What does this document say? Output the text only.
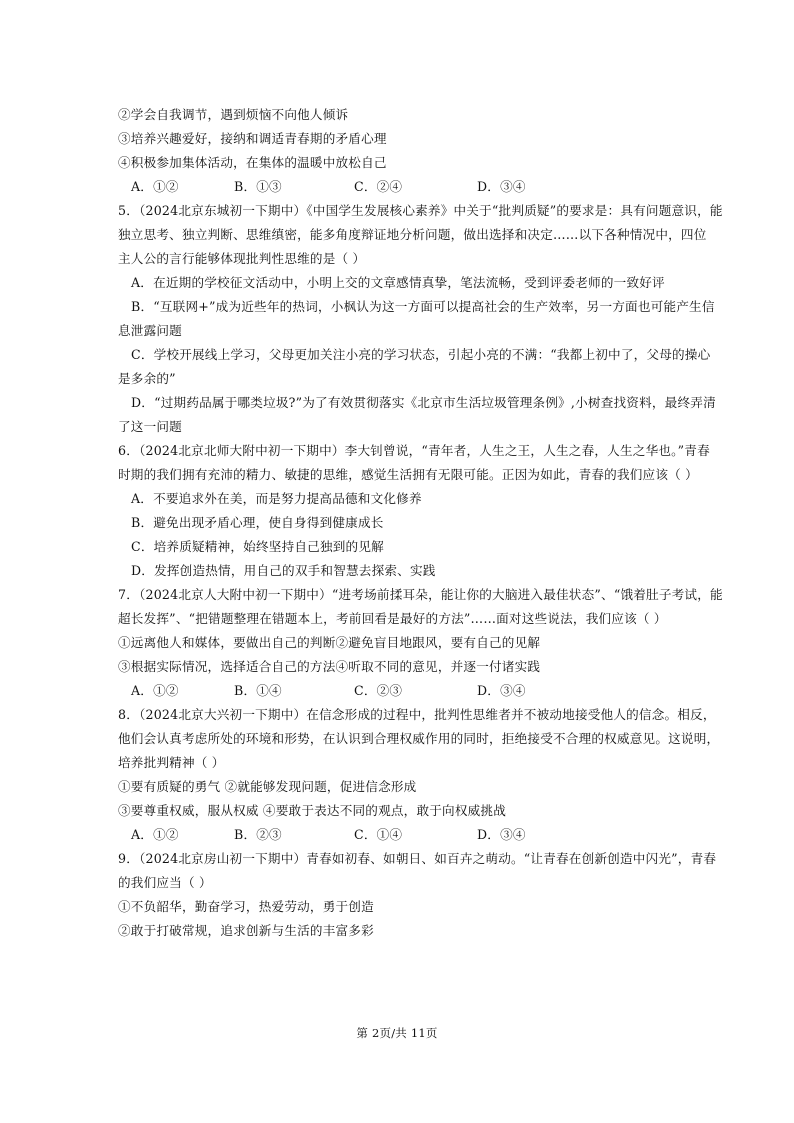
②学会自我调节，遇到烦恼不向他人倾诉
③培养兴趣爱好，接纳和调适青春期的矛盾心理
④积极参加集体活动，在集体的温暖中放松自己
A．①②	B．①③	C．②④	D．③④
5．（2024北京东城初一下期中）《中国学生发展核心素养》中关于“批判质疑”的要求是：具有问题意识，能
独立思考、独立判断、思维缜密，能多角度辩证地分析问题，做出选择和决定……以下各种情况中，四位
主人公的言行能够体现批判性思维的是（ ）
A．在近期的学校征文活动中，小明上交的文章感情真挚，笔法流畅，受到评委老师的一致好评
B．“互联网+”成为近些年的热词，小枫认为这一方面可以提高社会的生产效率，另一方面也可能产生信
息泄露问题
C．学校开展线上学习，父母更加关注小亮的学习状态，引起小亮的不满：“我都上初中了，父母的操心
是多余的”
D．“过期药品属于哪类垃圾?”为了有效贯彻落实《北京市生活垃圾管理条例》,小树查找资料，最终弄清
了这一问题
6．（2024北京北师大附中初一下期中）李大钊曾说，“青年者，人生之王，人生之春，人生之华也。”青春
时期的我们拥有充沛的精力、敏捷的思维，感觉生活拥有无限可能。正因为如此，青春的我们应该（ ）
A．不要追求外在美，而是努力提高品德和文化修养
B．避免出现矛盾心理，使自身得到健康成长
C．培养质疑精神，始终坚持自己独到的见解
D．发挥创造热情，用自己的双手和智慧去探索、实践
7．（2024北京人大附中初一下期中）“进考场前揉耳朵，能让你的大脑进入最佳状态”、“饿着肚子考试，能
超长发挥”、“把错题整理在错题本上，考前回看是最好的方法”……面对这些说法，我们应该（ ）
①远离他人和媒体，要做出自己的判断②避免盲目地跟风，要有自己的见解
③根据实际情况，选择适合自己的方法④听取不同的意见，并逐一付诸实践
A．①②	B．①④	C．②③	D．③④
8．（2024北京大兴初一下期中）在信念形成的过程中，批判性思维者并不被动地接受他人的信念。相反，
他们会认真考虑所处的环境和形势，在认识到合理权威作用的同时，拒绝接受不合理的权威意见。这说明，
培养批判精神（ ）
①要有质疑的勇气 ②就能够发现问题，促进信念形成
③要尊重权威，服从权威 ④要敢于表达不同的观点，敢于向权威挑战
A．①②	B．②③	C．①④	D．③④
9．（2024北京房山初一下期中）青春如初春、如朝日、如百卉之萌动。“让青春在创新创造中闪光”，青春
的我们应当（ ）
①不负韶华，勤奋学习，热爱劳动，勇于创造
②敢于打破常规，追求创新与生活的丰富多彩
第 2页/共 11页
